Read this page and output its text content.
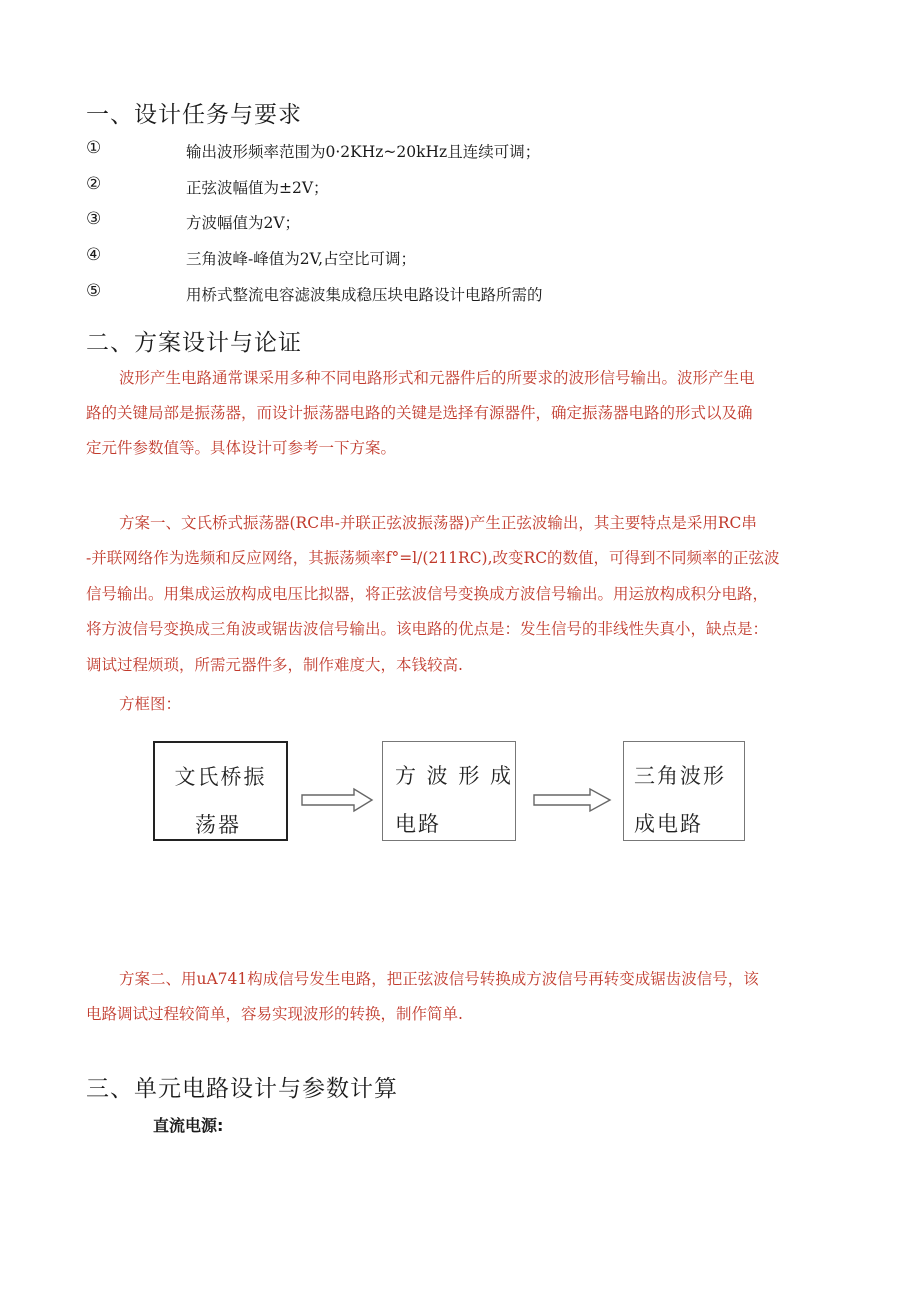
一、设计任务与要求
①	输出波形频率范围为0·2KHz~20kHz且连续可调；
②	正弦波幅值为±2V；
③	方波幅值为2V；
④	三角波峰-峰值为2V,占空比可调；
⑤	用桥式整流电容滤波集成稳压块电路设计电路所需的
二、方案设计与论证
波形产生电路通常课采用多种不同电路形式和元器件后的所要求的波形信号输出。波形产生电
路的关键局部是振荡器，而设计振荡器电路的关键是选择有源器件，确定振荡器电路的形式以及确
定元件参数值等。具体设计可参考一下方案。
方案一、文氏桥式振荡器(RC串-并联正弦波振荡器)产生正弦波输出，其主要特点是采用RC串
-并联网络作为选频和反应网络，其振荡频率f°=l/(211RC),改变RC的数值，可得到不同频率的正弦波
信号输出。用集成运放构成电压比拟器，将正弦波信号变换成方波信号输出。用运放构成积分电路，
将方波信号变换成三角波或锯齿波信号输出。该电路的优点是：发生信号的非线性失真小，缺点是：
调试过程烦琐，所需元器件多，制作难度大，本钱较高.
方框图：
文氏桥振
荡器
方 波 形 成
电路
三角波形
成电路
方案二、用uA741构成信号发生电路，把正弦波信号转换成方波信号再转变成锯齿波信号，该
电路调试过程较简单，容易实现波形的转换，制作简单.
三、单元电路设计与参数计算
直流电源:
